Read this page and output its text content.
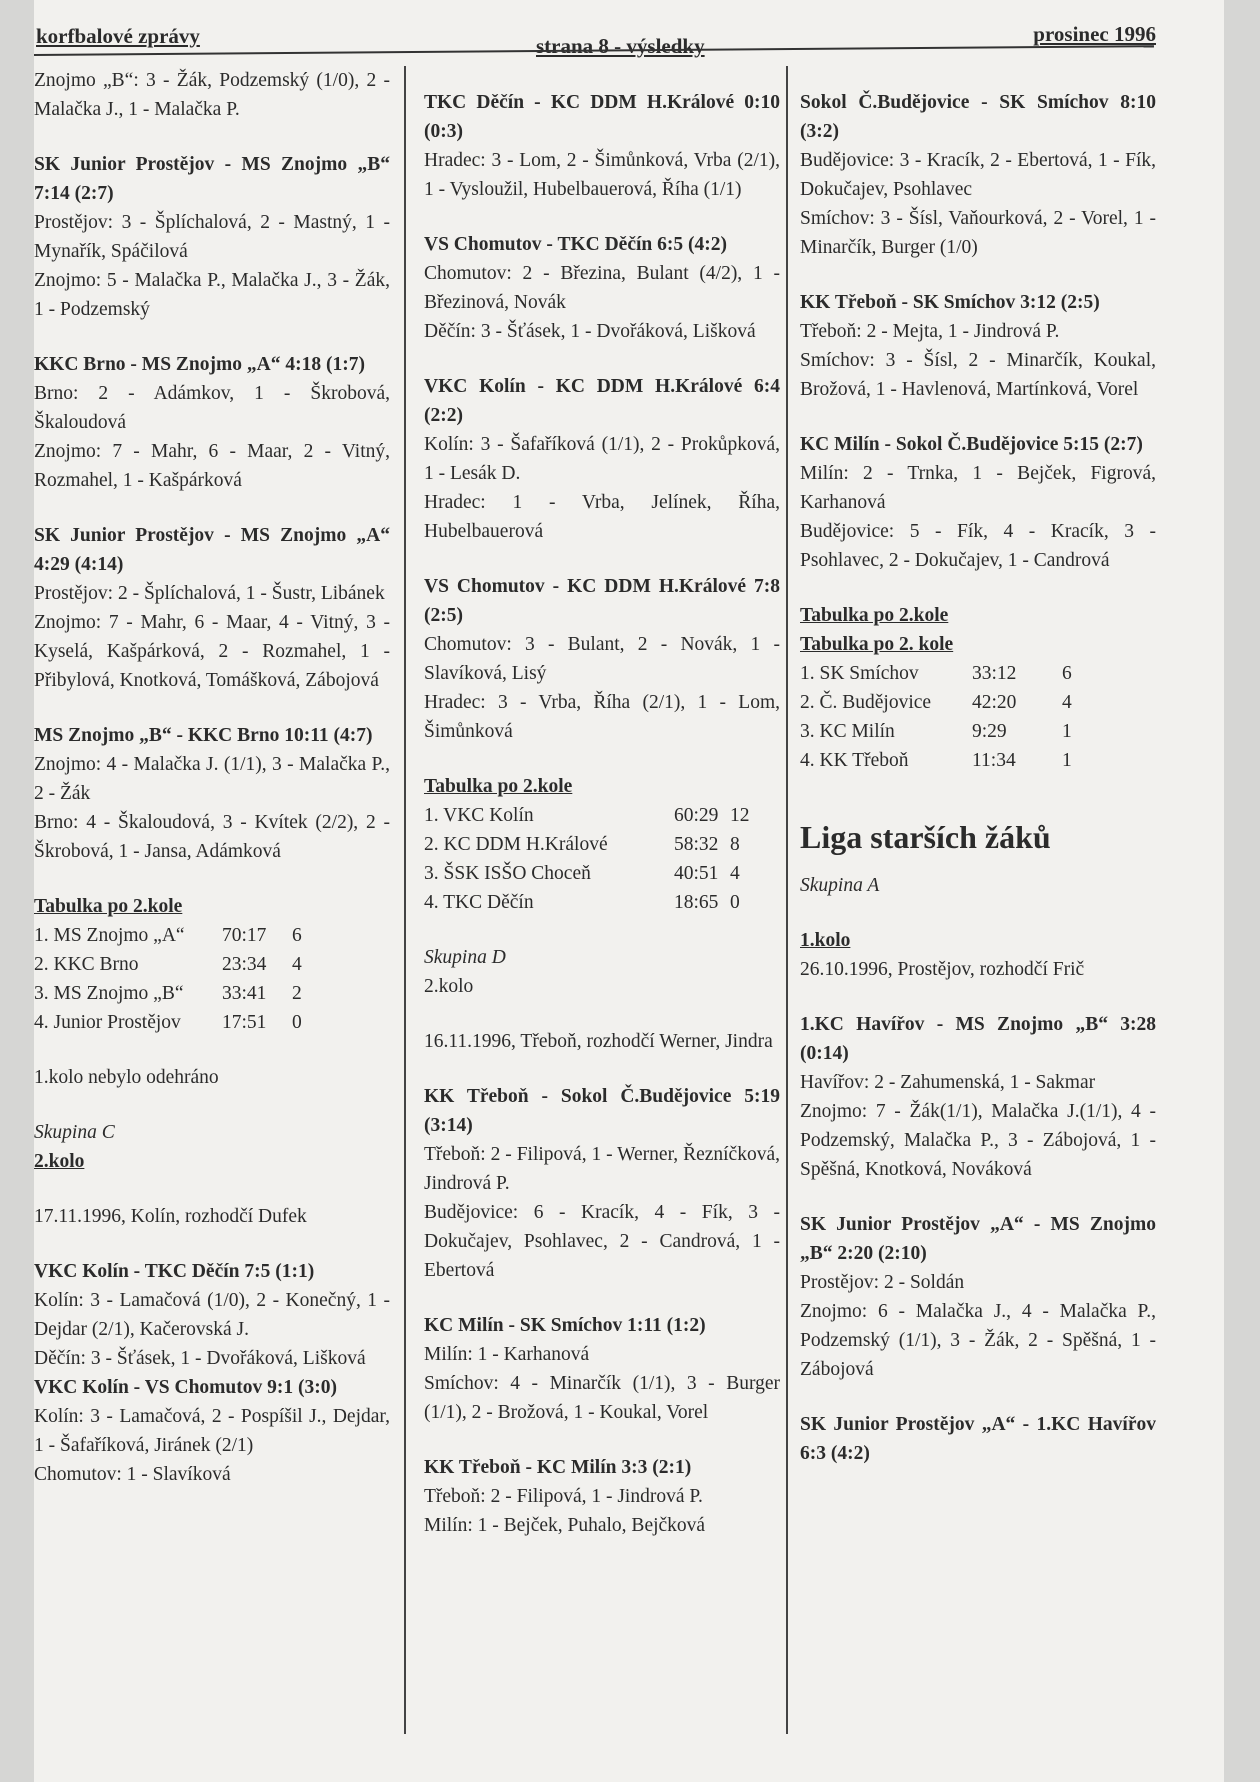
korfbalové zprávy	strana 8 - výsledky	prosinec 1996
Znojmo „B“: 3 - Žák, Podzemský (1/0), 2 - Malačka J., 1 - Malačka P.
SK Junior Prostějov - MS Znojmo „B“ 7:14 (2:7)
Prostějov: 3 - Šplíchalová, 2 - Mastný, 1 - Mynařík, Spáčilová
Znojmo: 5 - Malačka P., Malačka J., 3 - Žák, 1 - Podzemský
KKC Brno - MS Znojmo „A“ 4:18 (1:7)
Brno: 2 - Adámkov, 1 - Škrobová, Škaloudová
Znojmo: 7 - Mahr, 6 - Maar, 2 - Vitný, Rozmahel, 1 - Kašpárková
SK Junior Prostějov - MS Znojmo „A“ 4:29 (4:14)
Prostějov: 2 - Šplíchalová, 1 - Šustr, Libánek
Znojmo: 7 - Mahr, 6 - Maar, 4 - Vitný, 3 - Kyselá, Kašpárková, 2 - Rozmahel, 1 - Přibylová, Knotková, Tomášková, Zábojová
MS Znojmo „B“ - KKC Brno 10:11 (4:7)
Znojmo: 4 - Malačka J. (1/1), 3 - Malačka P., 2 - Žák
Brno: 4 - Škaloudová, 3 - Kvítek (2/2), 2 - Škrobová, 1 - Jansa, Adámková
Tabulka po 2.kole
1. MS Znojmo „A“	70:17	6
2. KKC Brno	23:34	4
3. MS Znojmo „B“	33:41	2
4. Junior Prostějov	17:51	0
1.kolo nebylo odehráno
Skupina C
2.kolo
17.11.1996, Kolín, rozhodčí Dufek
VKC Kolín - TKC Děčín 7:5 (1:1)
Kolín: 3 - Lamačová (1/0), 2 - Konečný, 1 - Dejdar (2/1), Kačerovská J.
Děčín: 3 - Šťásek, 1 - Dvořáková, Lišková
VKC Kolín - VS Chomutov 9:1 (3:0)
Kolín: 3 - Lamačová, 2 - Pospíšil J., Dejdar, 1 - Šafaříková, Jiránek (2/1)
Chomutov: 1 - Slavíková
TKC Děčín - KC DDM H.Králové 0:10 (0:3)
Hradec: 3 - Lom, 2 - Šimůnková, Vrba (2/1), 1 - Vysloužil, Hubelbauerová, Říha (1/1)
VS Chomutov - TKC Děčín 6:5 (4:2)
Chomutov: 2 - Březina, Bulant (4/2), 1 - Březinová, Novák
Děčín: 3 - Šťásek, 1 - Dvořáková, Lišková
VKC Kolín - KC DDM H.Králové 6:4 (2:2)
Kolín: 3 - Šafaříková (1/1), 2 - Prokůpková, 1 - Lesák D.
Hradec: 1 - Vrba, Jelínek, Říha, Hubelbauerová
VS Chomutov - KC DDM H.Králové 7:8 (2:5)
Chomutov: 3 - Bulant, 2 - Novák, 1 - Slavíková, Lisý
Hradec: 3 - Vrba, Říha (2/1), 1 - Lom, Šimůnková
Tabulka po 2.kole
1. VKC Kolín	60:29	12
2. KC DDM H.Králové	58:32	8
3. ŠSK ISŠO Choceň	40:51	4
4. TKC Děčín	18:65	0
Skupina D
2.kolo
16.11.1996, Třeboň, rozhodčí Werner, Jindra
KK Třeboň - Sokol Č.Budějovice 5:19 (3:14)
Třeboň: 2 - Filipová, 1 - Werner, Řezníčková, Jindrová P.
Budějovice: 6 - Kracík, 4 - Fík, 3 - Dokučajev, Psohlavec, 2 - Candrová, 1 - Ebertová
KC Milín - SK Smíchov 1:11 (1:2)
Milín: 1 - Karhanová
Smíchov: 4 - Minarčík (1/1), 3 - Burger (1/1), 2 - Brožová, 1 - Koukal, Vorel
KK Třeboň - KC Milín 3:3 (2:1)
Třeboň: 2 - Filipová, 1 - Jindrová P.
Milín: 1 - Bejček, Puhalo, Bejčková
Sokol Č.Budějovice - SK Smíchov 8:10 (3:2)
Budějovice: 3 - Kracík, 2 - Ebertová, 1 - Fík, Dokučajev, Psohlavec
Smíchov: 3 - Šísl, Vaňourková, 2 - Vorel, 1 - Minarčík, Burger (1/0)
KK Třeboň - SK Smíchov 3:12 (2:5)
Třeboň: 2 - Mejta, 1 - Jindrová P.
Smíchov: 3 - Šísl, 2 - Minarčík, Koukal, Brožová, 1 - Havlenová, Martínková, Vorel
KC Milín - Sokol Č.Budějovice 5:15 (2:7)
Milín: 2 - Trnka, 1 - Bejček, Figrová, Karhanová
Budějovice: 5 - Fík, 4 - Kracík, 3 - Psohlavec, 2 - Dokučajev, 1 - Candrová
Tabulka po 2.kole
Tabulka po 2. kole
1. SK Smíchov	33:12	6
2. Č. Budějovice	42:20	4
3. KC Milín	9:29	1
4. KK Třeboň	11:34	1
Liga starších žáků
Skupina A
1.kolo
26.10.1996, Prostějov, rozhodčí Frič
1.KC Havířov - MS Znojmo „B“ 3:28 (0:14)
Havířov: 2 - Zahumenská, 1 - Sakmar
Znojmo: 7 - Žák(1/1), Malačka J.(1/1), 4 - Podzemský, Malačka P., 3 - Zábojová, 1 - Spěšná, Knotková, Nováková
SK Junior Prostějov „A“ - MS Znojmo „B“ 2:20 (2:10)
Prostějov: 2 - Soldán
Znojmo: 6 - Malačka J., 4 - Malačka P., Podzemský (1/1), 3 - Žák, 2 - Spěšná, 1 - Zábojová
SK Junior Prostějov „A“ - 1.KC Havířov 6:3 (4:2)
